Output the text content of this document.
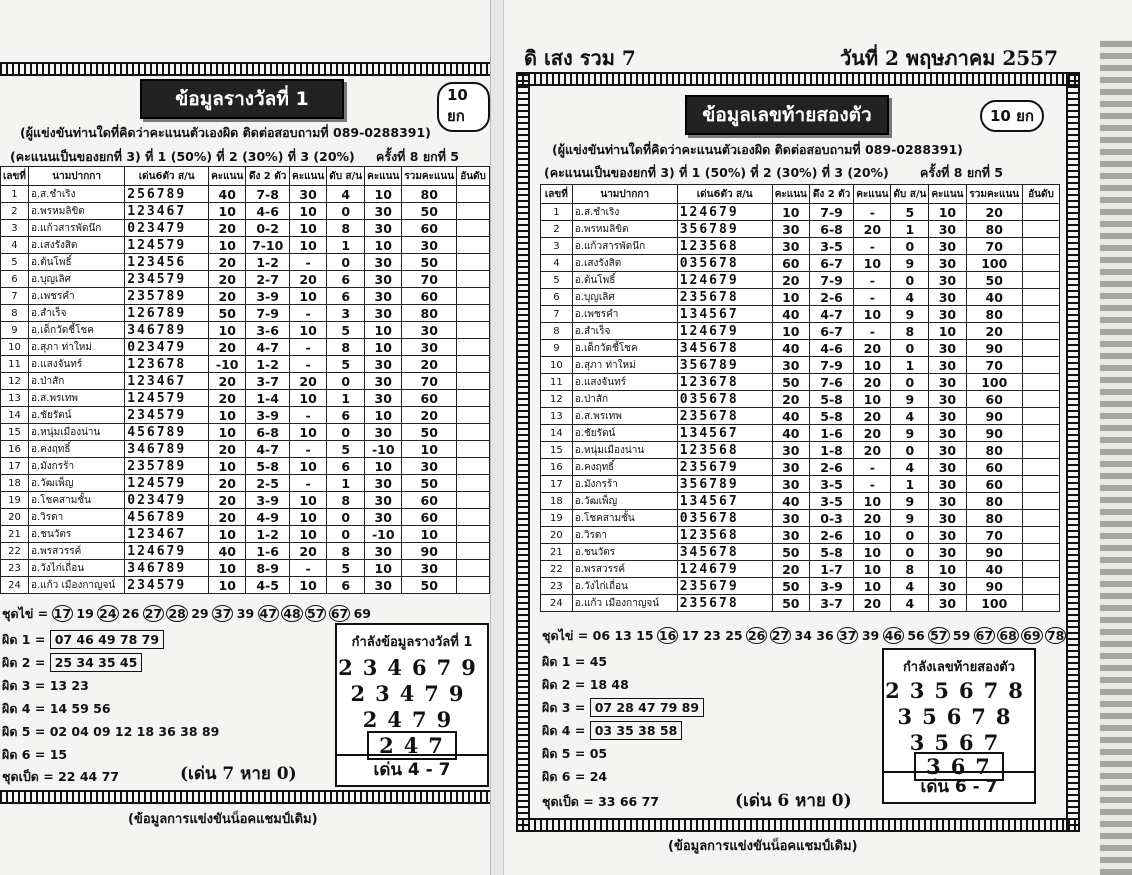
ข้อมูลรางวัลที่ 1	10 ยก
(ผู้แข่งขันท่านใดที่คิดว่าคะแนนตัวเองผิด ติดต่อสอบถามที่ 089-0288391)
(คะแนนเป็นของยกที่ 3) ที่ 1 (50%) ที่ 2 (30%) ที่ 3 (20%) ครั้งที่ 8 ยกที่ 5
เลขที่	นามปากกา	เด่น6ตัว ส/น	คะแนน	ดึง 2 ตัว	คะแนน	ดับ ส/น	คะแนน	รวมคะแนน	อันดับ
1	อ.ส.ชำเริง	256789	40	7-8	30	4	10	80	
2	อ.พรหมลิขิต	123467	10	4-6	10	0	30	50	
3	อ.แก้วสารพัดนึก	023479	20	0-2	10	8	30	60	
4	อ.เสงรังสิต	124579	10	7-10	10	1	10	30	
5	อ.ต้นโพธิ์	123456	20	1-2	-	0	30	50	
6	อ.บุญเลิศ	234579	20	2-7	20	6	30	70	
7	อ.เพชรคำ	235789	20	3-9	10	6	30	60	
8	อ.สำเร็จ	126789	50	7-9	-	3	30	80	
9	อ.เด็กวัดชี้โชค	346789	10	3-6	10	5	10	30	
10	อ.สุภา ท่าใหม่	023479	20	4-7	-	8	10	30	
11	อ.แสงจันทร์	123678	-10	1-2	-	5	30	20	
12	อ.ป่าสัก	123467	20	3-7	20	0	30	70	
13	อ.ส.พรเทพ	124579	20	1-4	10	1	30	60	
14	อ.ชัยรัตน์	234579	10	3-9	-	6	10	20	
15	อ.หนุ่มเมืองน่าน	456789	10	6-8	10	0	30	50	
16	อ.คงฤทธิ์	346789	20	4-7	-	5	-10	10	
17	อ.มังกรร้า	235789	10	5-8	10	6	10	30	
18	อ.วัฒเพ็ญ	124579	20	2-5	-	1	30	50	
19	อ.โชคสามชั้น	023479	20	3-9	10	8	30	60	
20	อ.วิรดา	456789	20	4-9	10	0	30	60	
21	อ.ชนวัตร	123467	10	1-2	10	0	-10	10	
22	อ.พรสวรรค์	124679	40	1-6	20	8	30	90	
23	อ.วังไก่เถื่อน	346789	10	8-9	-	5	10	30	
24	อ.แก้ว เมืองกาญจน์	234579	10	4-5	10	6	30	50	
ชุดไข่ = 17 19 24 26 27 28 29 37 39 47 48 57 67 69
ผิด 1 = 07 46 49 78 79
ผิด 2 = 25 34 35 45
ผิด 3 = 13 23
ผิด 4 = 14 59 56
ผิด 5 = 02 04 09 12 18 36 38 89
ผิด 6 = 15
ชุดเป็ด = 22 44 77	(เด่น 7 หาย 0)
กำลังข้อมูลรางวัลที่ 1
234679
23479
2479
247
เด่น 4 - 7
(ข้อมูลการแข่งขันน็อคแชมป์เดิม)
ดิ เสง รวม 7	วันที่ 2 พฤษภาคม 2557
ข้อมูลเลขท้ายสองตัว	10 ยก
(ผู้แข่งขันท่านใดที่คิดว่าคะแนนตัวเองผิด ติดต่อสอบถามที่ 089-0288391)
(คะแนนเป็นของยกที่ 3) ที่ 1 (50%) ที่ 2 (30%) ที่ 3 (20%) ครั้งที่ 8 ยกที่ 5
เลขที่	นามปากกา	เด่น6ตัว ส/น	คะแนน	ดึง 2 ตัว	คะแนน	ดับ ส/น	คะแนน	รวมคะแนน	อันดับ
1	อ.ส.ชำเริง	124679	10	7-9	-	5	10	20	
2	อ.พรหมลิขิต	356789	30	6-8	20	1	30	80	
3	อ.แก้วสารพัดนึก	123568	30	3-5	-	0	30	70	
4	อ.เสงรังสิต	035678	60	6-7	10	9	30	100	
5	อ.ต้นโพธิ์	124679	20	7-9	-	0	30	50	
6	อ.บุญเลิศ	235678	10	2-6	-	4	30	40	
7	อ.เพชรคำ	134567	40	4-7	10	9	30	80	
8	อ.สำเร็จ	124679	10	6-7	-	8	10	20	
9	อ.เด็กวัดชี้โชค	345678	40	4-6	20	0	30	90	
10	อ.สุภา ท่าใหม่	356789	30	7-9	10	1	30	70	
11	อ.แสงจันทร์	123678	50	7-6	20	0	30	100	
12	อ.ป่าสัก	035678	20	5-8	10	9	30	60	
13	อ.ส.พรเทพ	235678	40	5-8	20	4	30	90	
14	อ.ชัยรัตน์	134567	40	1-6	20	9	30	90	
15	อ.หนุ่มเมืองน่าน	123568	30	1-8	20	0	30	80	
16	อ.คงฤทธิ์	235679	30	2-6	-	4	30	60	
17	อ.มังกรร้า	356789	30	3-5	-	1	30	60	
18	อ.วัฒเพ็ญ	134567	40	3-5	10	9	30	80	
19	อ.โชคสามชั้น	035678	30	0-3	20	9	30	80	
20	อ.วิรดา	123568	30	2-6	10	0	30	70	
21	อ.ชนวัตร	345678	50	5-8	10	0	30	90	
22	อ.พรสวรรค์	124679	20	1-7	10	8	10	40	
23	อ.วังไก่เถื่อน	235679	50	3-9	10	4	30	90	
24	อ.แก้ว เมืองกาญจน์	235678	50	3-7	20	4	30	100	
ชุดไข่ = 06 13 15 16 17 23 25 26 27 34 36 37 39 46 56 57 59 67 68 69 78
ผิด 1 = 45
ผิด 2 = 18 48
ผิด 3 = 07 28 47 79 89
ผิด 4 = 03 35 38 58
ผิด 5 = 05
ผิด 6 = 24
ชุดเป็ด = 33 66 77	(เด่น 6 หาย 0)
กำลังเลขท้ายสองตัว
235678
35678
3567
367
เด่น 6 - 7
(ข้อมูลการแข่งขันน็อคแชมป์เดิม)
